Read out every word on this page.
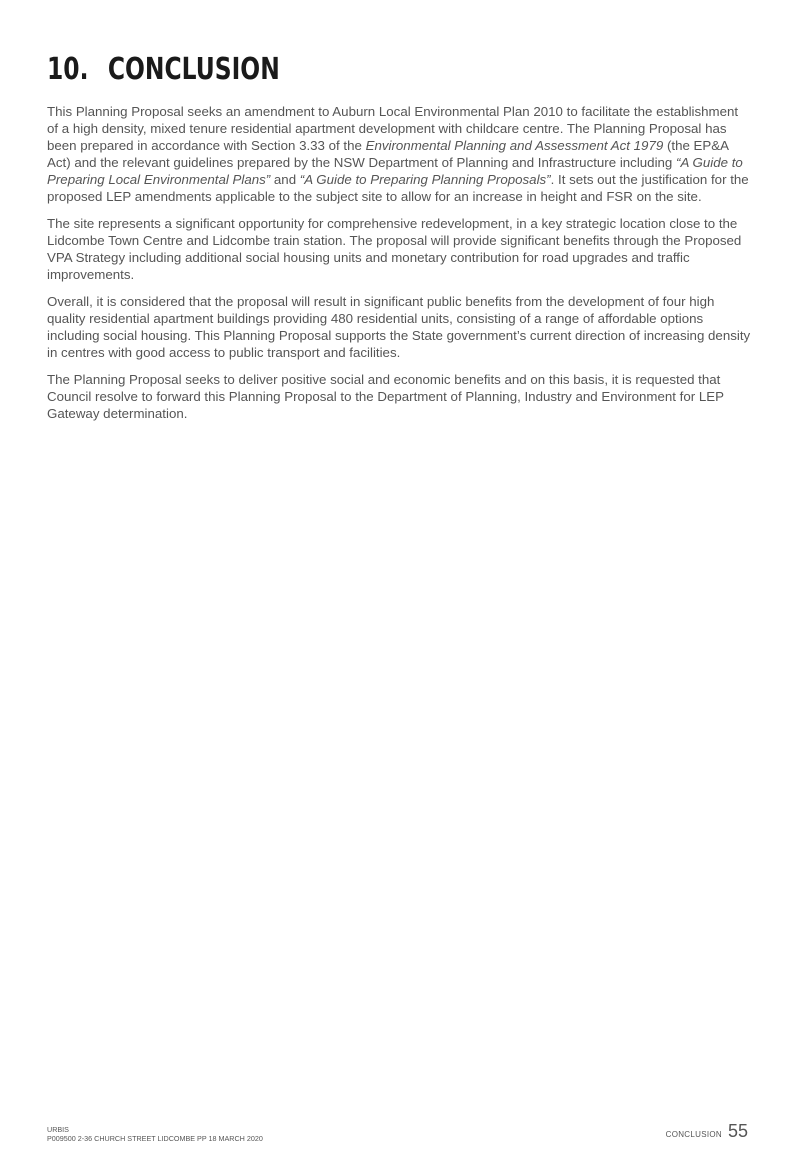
10. CONCLUSION

This Planning Proposal seeks an amendment to Auburn Local Environmental Plan 2010 to facilitate the establishment of a high density, mixed tenure residential apartment development with childcare centre. The Planning Proposal has been prepared in accordance with Section 3.33 of the Environmental Planning and Assessment Act 1979 (the EP&A Act) and the relevant guidelines prepared by the NSW Department of Planning and Infrastructure including “A Guide to Preparing Local Environmental Plans” and “A Guide to Preparing Planning Proposals”. It sets out the justification for the proposed LEP amendments applicable to the subject site to allow for an increase in height and FSR on the site.

The site represents a significant opportunity for comprehensive redevelopment, in a key strategic location close to the Lidcombe Town Centre and Lidcombe train station. The proposal will provide significant benefits through the Proposed VPA Strategy including additional social housing units and monetary contribution for road upgrades and traffic improvements.

Overall, it is considered that the proposal will result in significant public benefits from the development of four high quality residential apartment buildings providing 480 residential units, consisting of a range of affordable options including social housing. This Planning Proposal supports the State government’s current direction of increasing density in centres with good access to public transport and facilities.

The Planning Proposal seeks to deliver positive social and economic benefits and on this basis, it is requested that Council resolve to forward this Planning Proposal to the Department of Planning, Industry and Environment for LEP Gateway determination.

URBIS
P009500 2-36 CHURCH STREET LIDCOMBE PP 18 MARCH 2020	CONCLUSION 55
